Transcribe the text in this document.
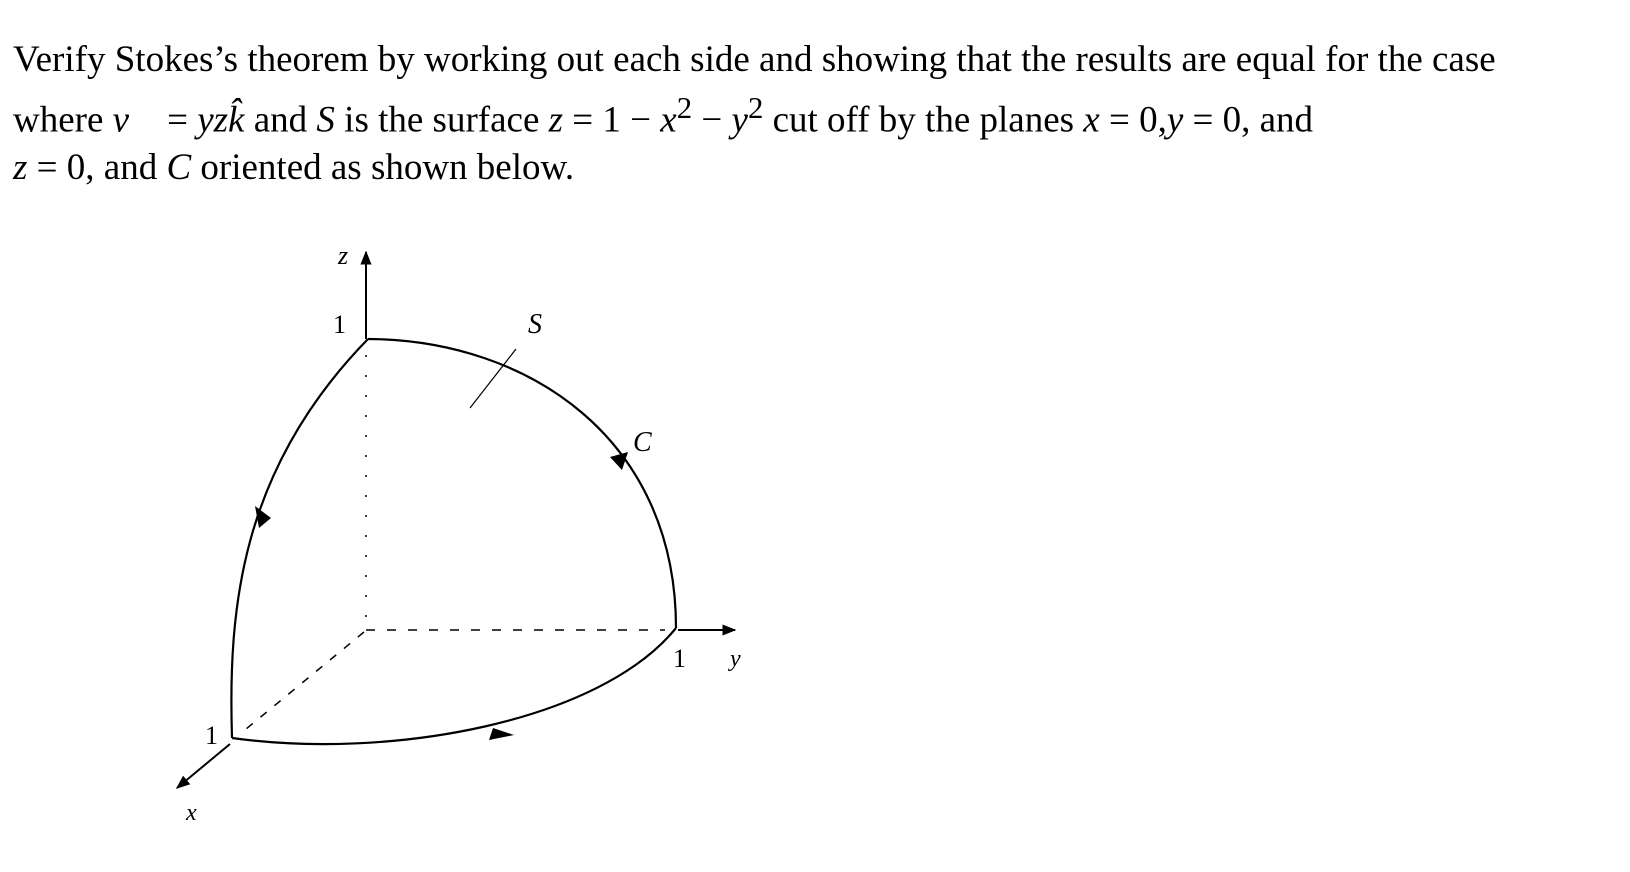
Verify Stokes’s theorem by working out each side and showing that the results are equal for the case
where v⃗ = yzk̂ and S is the surface $z = 1 - x^2 - y^2$ cut off by the planes x = 0,y = 0, and
z = 0, and C oriented as shown below.

z
y
x
1
1
1
S
C
